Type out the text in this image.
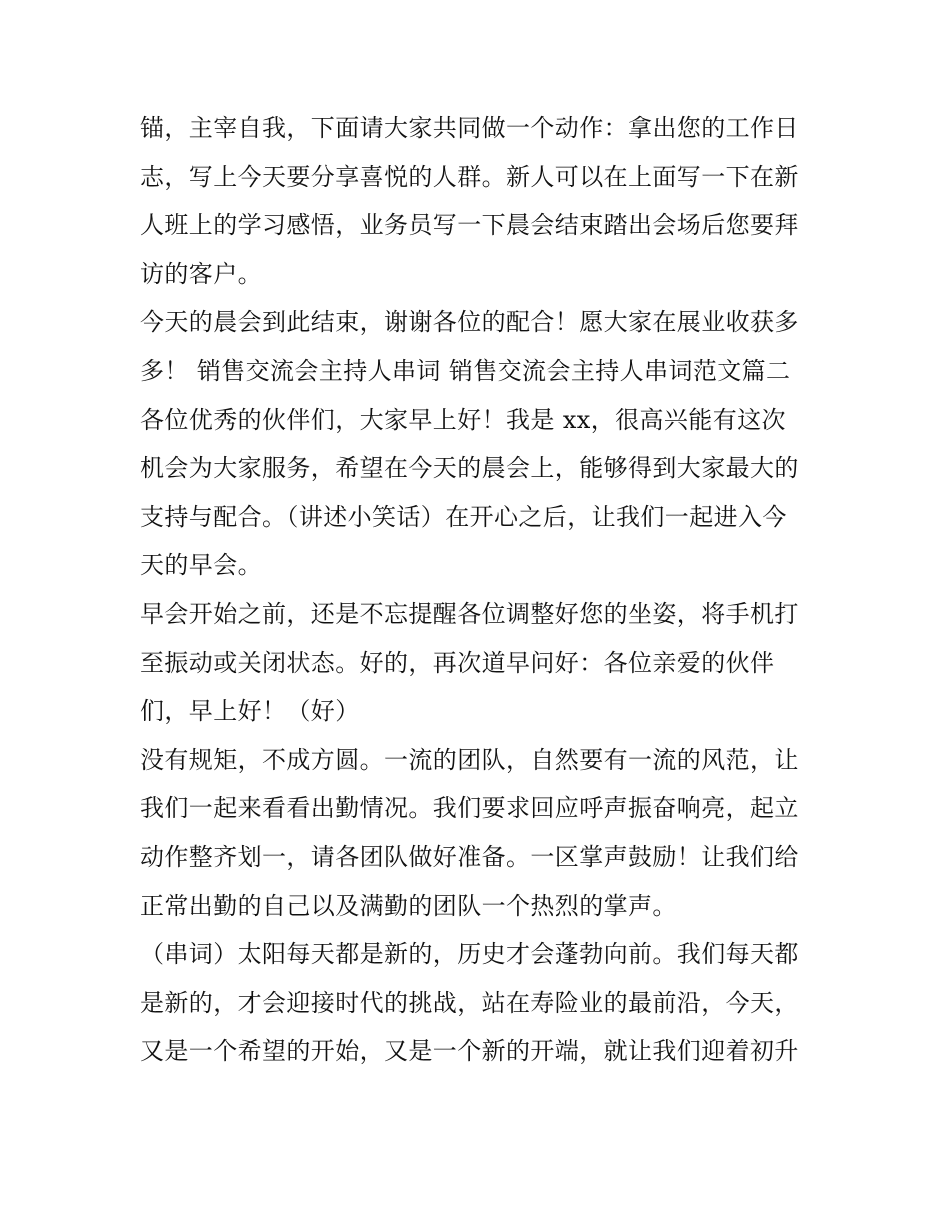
锚，主宰自我，下面请大家共同做一个动作：拿出您的工作日
志，写上今天要分享喜悦的人群。新人可以在上面写一下在新
人班上的学习感悟，业务员写一下晨会结束踏出会场后您要拜
访的客户。
今天的晨会到此结束，谢谢各位的配合！愿大家在展业收获多
多！ 销售交流会主持人串词 销售交流会主持人串词范文篇二
各位优秀的伙伴们，大家早上好！我是 xx，很高兴能有这次
机会为大家服务，希望在今天的晨会上，能够得到大家最大的
支持与配合。（讲述小笑话）在开心之后，让我们一起进入今
天的早会。
早会开始之前，还是不忘提醒各位调整好您的坐姿，将手机打
至振动或关闭状态。好的，再次道早问好：各位亲爱的伙伴
们，早上好！（好）
没有规矩，不成方圆。一流的团队，自然要有一流的风范，让
我们一起来看看出勤情况。我们要求回应呼声振奋响亮，起立
动作整齐划一，请各团队做好准备。一区掌声鼓励！让我们给
正常出勤的自己以及满勤的团队一个热烈的掌声。
（串词）太阳每天都是新的，历史才会蓬勃向前。我们每天都
是新的，才会迎接时代的挑战，站在寿险业的最前沿，今天，
又是一个希望的开始，又是一个新的开端，就让我们迎着初升
